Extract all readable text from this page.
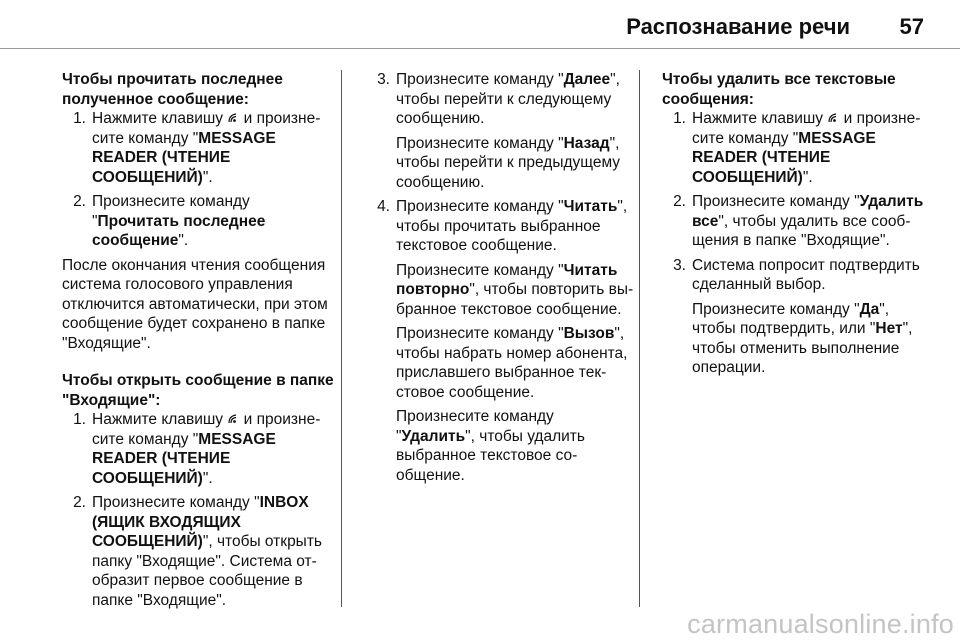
Распознавание речи 57
Чтобы прочитать последнее полученное сообщение:
1. Нажмите клавишу и произнесите команду "MESSAGE READER (ЧТЕНИЕ СООБЩЕНИЙ)".
2. Произнесите команду "Прочитать последнее сообщение".

После окончания чтения сообщения система голосового управления отключится автоматически, при этом сообщение будет сохранено в папке "Входящие".

Чтобы открыть сообщение в папке "Входящие":
1. Нажмите клавишу и произнесите команду "MESSAGE READER (ЧТЕНИЕ СООБЩЕНИЙ)".
2. Произнесите команду "INBOX (ЯЩИК ВХОДЯЩИХ СООБЩЕНИЙ)", чтобы открыть папку "Входящие". Система отобразит первое сообщение в папке "Входящие".
3. Произнесите команду "Далее", чтобы перейти к следующему сообщению.

Произнесите команду "Назад", чтобы перейти к предыдущему сообщению.

4. Произнесите команду "Читать", чтобы прочитать выбранное текстовое сообщение.

Произнесите команду "Читать повторно", чтобы повторить выбранное текстовое сообщение.

Произнесите команду "Вызов", чтобы набрать номер абонента, приславшего выбранное текстовое сообщение.

Произнесите команду "Удалить", чтобы удалить выбранное текстовое сообщение.

Чтобы удалить все текстовые сообщения:
1. Нажмите клавишу и произнесите команду "MESSAGE READER (ЧТЕНИЕ СООБЩЕНИЙ)".
2. Произнесите команду "Удалить все", чтобы удалить все сообщения в папке "Входящие".
3. Система попросит подтвердить сделанный выбор.

Произнесите команду "Да", чтобы подтвердить, или "Нет", чтобы отменить выполнение операции.

carmanualsonline.info
